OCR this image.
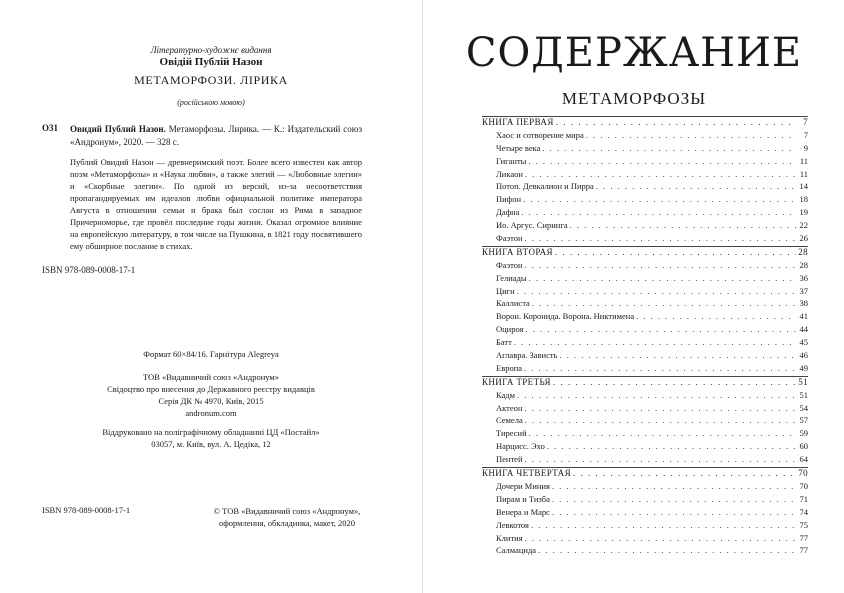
Літературно-художнє видання
Овідій Публій Назон
МЕТАМОРФОЗИ. ЛІРИКА
(російською мовою)
О31 Овидий Публий Назон. Метаморфозы. Лирика. — К.: Издательский союз «Андронум», 2020. — 328 с.
Публий Овидий Назон — древнеримский поэт. Более всего известен как автор поэм «Метаморфозы» и «Наука любви», а также элегий — «Любовные элегии» и «Скорбные элегии». По одной из версий, из-за несоответствия пропагандируемых им идеалов любви официальной политике императора Августа в отношении семьи и брака был сослан из Рима в западное Причерноморье, где провёл последние годы жизни. Оказал огромное влияние на европейскую литературу, в том числе на Пушкина, в 1821 году посвятившего ему обширное послание в стихах.
ISBN 978-089-0008-17-1
Формат 60×84/16. Гарнітура Alegreya
ТОВ «Видавничий союз «Андронум»
Свідоцтво про внесення до Державного реєстру видавців
Серія ДК № 4970, Київ, 2015
andronum.com
Віддруковано на поліграфічному обладнанні ЦД «Постайл»
03057, м. Київ, вул. А. Цедіка, 12
ISBN 978-089-0008-17-1	© ТОВ «Видавничий союз «Андронум»,
оформлення, обкладинка, макет, 2020
СОДЕРЖАНИЕ
МЕТАМОРФОЗЫ
КНИГА ПЕРВАЯ . . .	7
Хаос и сотворение мира . . .	7
Четыре века . . .	9
Гиганты . . .	11
Ликаон . . .	11
Потоп. Девкалион и Пирра . . .	14
Пифон . . .	18
Дафна . . .	19
Ио. Аргус. Сиринга . . .	22
Фаэтон . . .	26
КНИГА ВТОРАЯ . . .	28
Фаэтон . . .	28
Гелиады . . .	36
Цигн . . .	37
Каллиста . . .	38
Ворон. Коронида. Ворона. Никтимена . . .	41
Оцироя . . .	44
Батт . . .	45
Аглавра. Зависть . . .	46
Европа . . .	49
КНИГА ТРЕТЬЯ . . .	51
Кадм . . .	51
Актеон . . .	54
Семела . . .	57
Тиресий . . .	59
Нарцисс. Эхо . . .	60
Пентей . . .	64
КНИГА ЧЕТВЕРТАЯ . . .	70
Дочери Миния . . .	70
Пирам и Тизба . . .	71
Венера и Марс . . .	74
Левкотоя . . .	75
Клития . . .	77
Салмацида . . .	77
